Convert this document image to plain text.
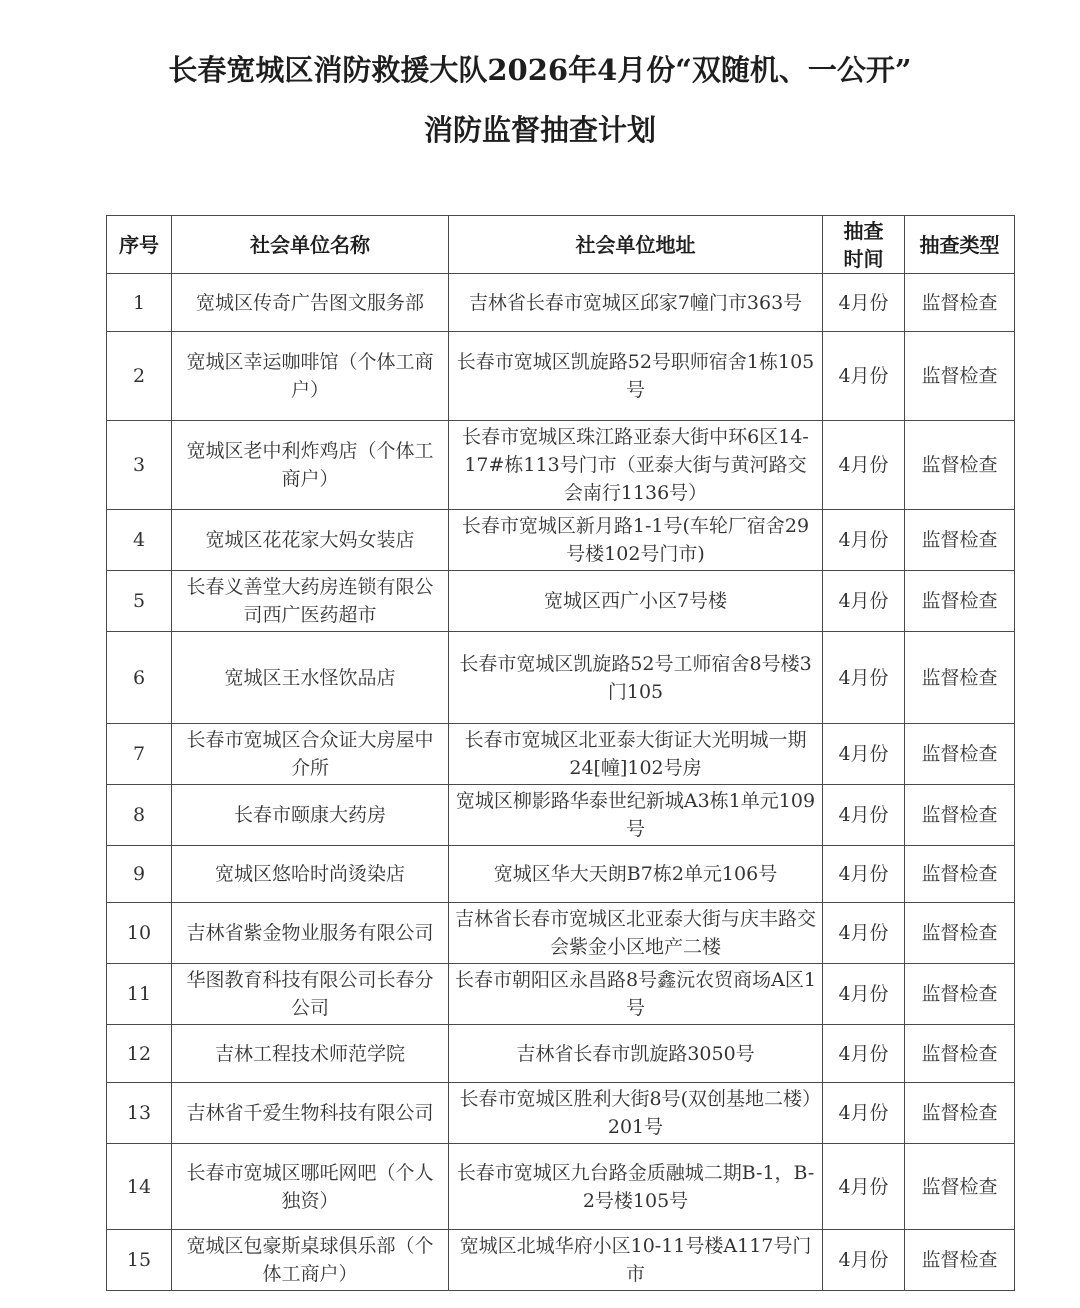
长春宽城区消防救援大队2026年4月份“双随机、一公开”
消防监督抽查计划
序号	社会单位名称	社会单位地址	抽查时间	抽查类型
1	宽城区传奇广告图文服务部	吉林省长春市宽城区邱家7幢门市363号	4月份	监督检查
2	宽城区幸运咖啡馆（个体工商户）	长春市宽城区凯旋路52号职师宿舍1栋105号	4月份	监督检查
3	宽城区老中利炸鸡店（个体工商户）	长春市宽城区珠江路亚泰大街中环6区14-17#栋113号门市（亚泰大街与黄河路交会南行1136号）	4月份	监督检查
4	宽城区花花家大妈女装店	长春市宽城区新月路1-1号(车轮厂宿舍29号楼102号门市)	4月份	监督检查
5	长春义善堂大药房连锁有限公司西广医药超市	宽城区西广小区7号楼	4月份	监督检查
6	宽城区王水怪饮品店	长春市宽城区凯旋路52号工师宿舍8号楼3门105	4月份	监督检查
7	长春市宽城区合众证大房屋中介所	长春市宽城区北亚泰大街证大光明城一期24[幢]102号房	4月份	监督检查
8	长春市颐康大药房	宽城区柳影路华泰世纪新城A3栋1单元109号	4月份	监督检查
9	宽城区悠哈时尚烫染店	宽城区华大天朗B7栋2单元106号	4月份	监督检查
10	吉林省紫金物业服务有限公司	吉林省长春市宽城区北亚泰大街与庆丰路交会紫金小区地产二楼	4月份	监督检查
11	华图教育科技有限公司长春分公司	长春市朝阳区永昌路8号鑫沅农贸商场A区1号	4月份	监督检查
12	吉林工程技术师范学院	吉林省长春市凯旋路3050号	4月份	监督检查
13	吉林省千爱生物科技有限公司	长春市宽城区胜利大街8号(双创基地二楼）201号	4月份	监督检查
14	长春市宽城区哪吒网吧（个人独资）	长春市宽城区九台路金质融城二期B-1，B-2号楼105号	4月份	监督检查
15	宽城区包豪斯桌球俱乐部（个体工商户）	宽城区北城华府小区10-11号楼A117号门市	4月份	监督检查
